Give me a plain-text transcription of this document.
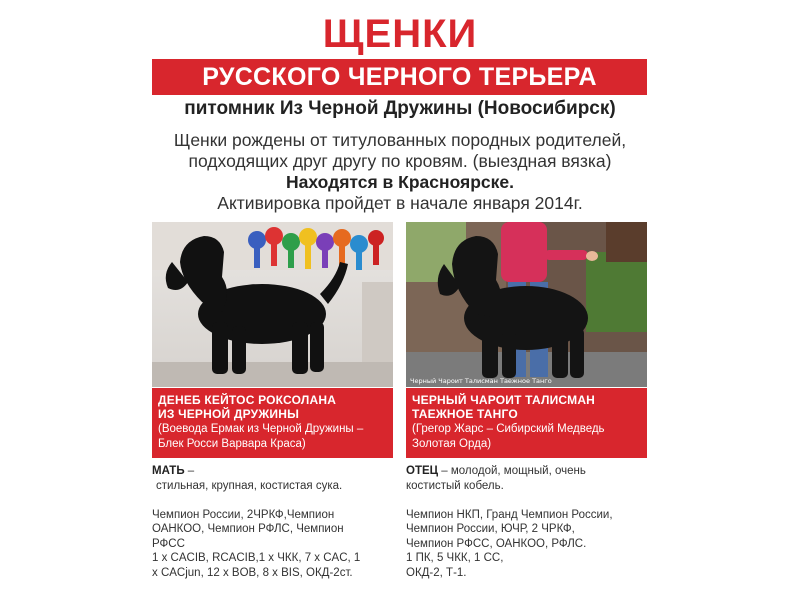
ЩЕНКИ
РУССКОГО ЧЕРНОГО ТЕРЬЕРА
питомник Из Черной Дружины (Новосибирск)
Щенки рождены от титулованных породных родителей,
подходящих друг другу по кровям. (выездная вязка)
Находятся в Красноярске.
Активировка пройдет в начале января 2014г.
Черный Чароит Талисман Таежное Танго
ДЕНЕБ КЕЙТОС РОКСОЛАНА
ИЗ ЧЕРНОЙ ДРУЖИНЫ
(Воевода Ермак из Черной Дружины –
Блек Росси Варвара Краса)
ЧЕРНЫЙ ЧАРОИТ ТАЛИСМАН
ТАЕЖНОЕ ТАНГО
(Грегор Жарс – Сибирский Медведь
Золотая Орда)
МАТЬ –
стильная, крупная, костистая сука.
Чемпион России, 2ЧРКФ,Чемпион
ОАНКОО, Чемпион РФЛС, Чемпион
РФСС
1 x CACIB, RCACIB,1 x ЧКК, 7 x CAC, 1
x CACjun, 12 x BOB, 8 x BIS, ОКД-2ст.
ОТЕЦ – молодой, мощный, очень
костистый кобель.
Чемпион НКП, Гранд Чемпион России,
Чемпион России, ЮЧР, 2 ЧРКФ,
Чемпион РФСС, ОАНКОО, РФЛС.
1 ПК, 5 ЧКК, 1 СС,
ОКД-2, Т-1.
